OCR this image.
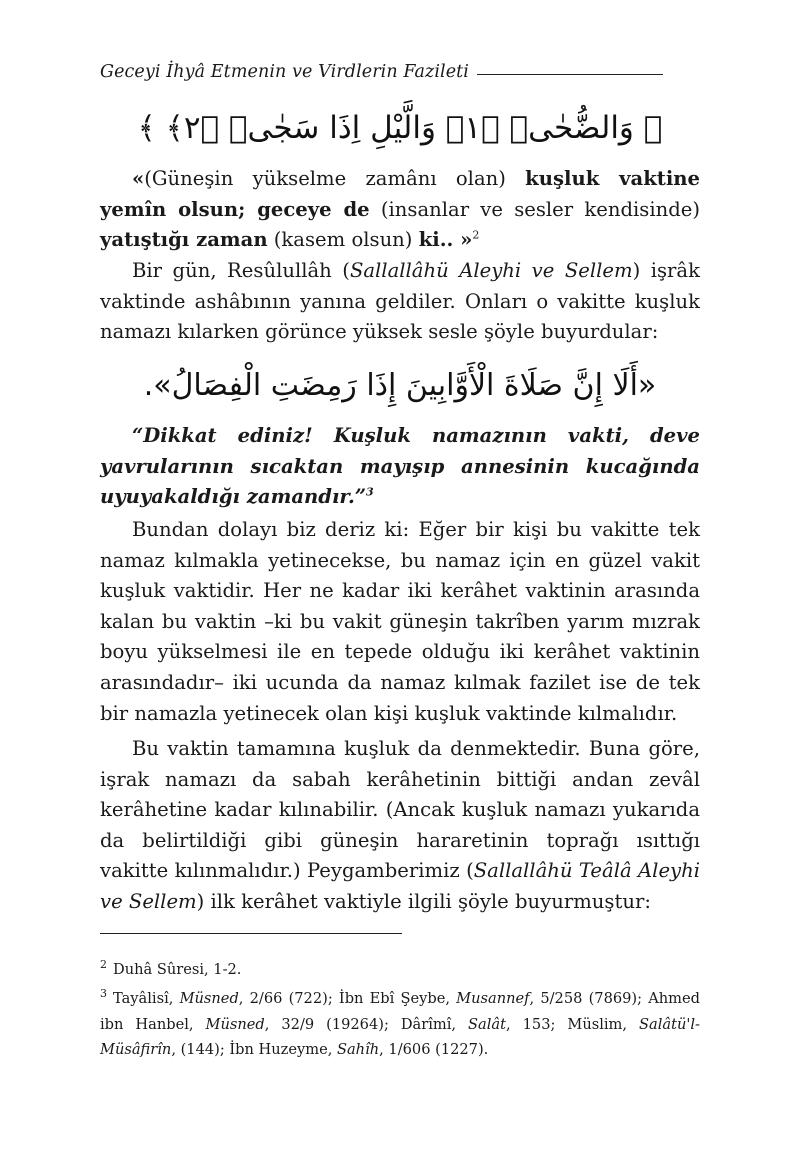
Geceyi İhyâ Etmenin ve Virdlerin Fazileti
﴿ وَالضُّحٰىۙ ﴿١﴾ وَالَّيْلِ اِذَا سَجٰىۙ ﴿٢﴾ ﴾

«(Güneşin yükselme zamânı olan) kuşluk vaktine yemîn olsun; geceye de (insanlar ve sesler kendisinde) yatıştığı zaman (kasem olsun) ki.. »$^2$

Bir gün, Resûlullâh (Sallallâhü Aleyhi ve Sellem) işrâk vaktinde ashâbının yanına geldiler. Onları o vakitte kuşluk namazı kılarken görünce yüksek sesle şöyle buyurdular:

«أَلَا إِنَّ صَلَاةَ الْأَوَّابِينَ إِذَا رَمِضَتِ الْفِصَالُ».

“Dikkat ediniz! Kuşluk namazının vakti, deve yavrularının sıcaktan mayışıp annesinin kucağında uyuyakaldığı zamandır.”$^3$

Bundan dolayı biz deriz ki: Eğer bir kişi bu vakitte tek namaz kılmakla yetinecekse, bu namaz için en güzel vakit kuşluk vaktidir. Her ne kadar iki kerâhet vaktinin arasında kalan bu vaktin –ki bu vakit güneşin takrîben yarım mızrak boyu yükselmesi ile en tepede olduğu iki kerâhet vaktinin arasındadır– iki ucunda da namaz kılmak fazilet ise de tek bir namazla yetinecek olan kişi kuşluk vaktinde kılmalıdır.

Bu vaktin tamamına kuşluk da denmektedir. Buna göre, işrak namazı da sabah kerâhetinin bittiği andan zevâl kerâhetine kadar kılınabilir. (Ancak kuşluk namazı yukarıda da belirtildiği gibi güneşin hararetinin toprağı ısıttığı vakitte kılınmalıdır.) Peygamberimiz (Sallallâhü Teâlâ Aleyhi ve Sellem) ilk kerâhet vaktiyle ilgili şöyle buyurmuştur:

$^2$ Duhâ Sûresi, 1-2.

$^3$ Tayâlisî, Müsned, 2/66 (722); İbn Ebî Şeybe, Musannef, 5/258 (7869); Ahmed ibn Hanbel, Müsned, 32/9 (19264); Dârîmî, Salât, 153; Müslim, Salâtü'l-Müsâfirîn, (144); İbn Huzeyme, Sahîh, 1/606 (1227).
